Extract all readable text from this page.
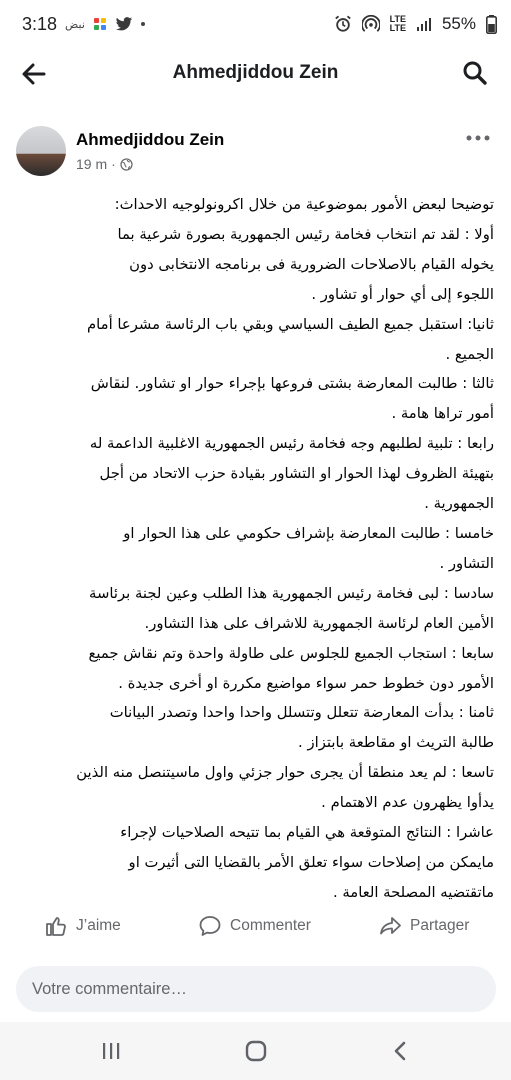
3:18 نبض	LTE
LTE 55%
Ahmedjiddou Zein
Ahmedjiddou Zein
19 m ·

توضيحا لبعض الأمور بموضوعية من خلال اكرونولوجيه الاحداث:

أولا : لقد تم انتخاب فخامة رئيس الجمهورية بصورة شرعية بما

يخوله القيام بالاصلاحات الضرورية فى برنامجه الانتخابى دون

اللجوء إلى أي حوار أو تشاور .

ثانيا: استقبل جميع الطيف السياسي وبقي باب الرئاسة مشرعا أمام

الجميع .

ثالثا : طالبت المعارضة بشتى فروعها بإجراء حوار او تشاور. لنقاش

أمور تراها هامة .

رابعا : تلبية لطلبهم وجه فخامة رئيس الجمهورية الاغلبية الداعمة له

بتهيئة الظروف لهذا الحوار او التشاور بقيادة حزب الاتحاد من أجل

الجمهورية .

خامسا : طالبت المعارضة بإشراف حكومي على هذا الحوار او

التشاور .

سادسا : لبى فخامة رئيس الجمهورية هذا الطلب وعين لجنة برئاسة

الأمين العام لرئاسة الجمهورية للاشراف على هذا التشاور.

سابعا : استجاب الجميع للجلوس على طاولة واحدة وتم نقاش جميع

الأمور دون خطوط حمر سواء مواضيع مكررة او أخرى جديدة .

ثامنا : بدأت المعارضة تتعلل وتتسلل واحدا واحدا وتصدر البيانات

طالبة التريث او مقاطعة بابتزاز .

تاسعا : لم يعد منطقا أن يجرى حوار جزئي واول ماسيتنصل منه الذين

يدأوا يظهرون عدم الاهتمام .

عاشرا : النتائج المتوقعة هي القيام بما تتيحه الصلاحيات لإجراء

مايمكن من إصلاحات سواء تعلق الأمر بالقضايا التى أثيرت او

ماتقتضيه المصلحة العامة .

J’aime	Commenter	Partager
Votre commentaire…
